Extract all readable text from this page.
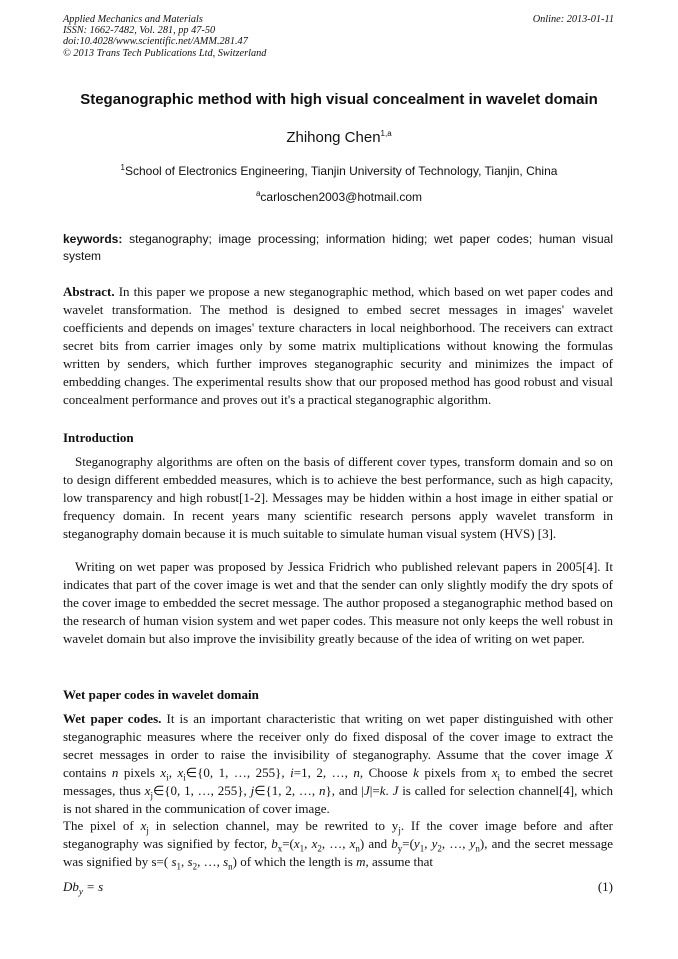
Applied Mechanics and Materials
ISSN: 1662-7482, Vol. 281, pp 47-50
doi:10.4028/www.scientific.net/AMM.281.47
© 2013 Trans Tech Publications Ltd, Switzerland
Online: 2013-01-11
Steganographic method with high visual concealment in wavelet domain
Zhihong Chen$^{1,a}$
$^1$School of Electronics Engineering, Tianjin University of Technology, Tianjin, China
$^a$carloschen2003@hotmail.com
keywords: steganography; image processing; information hiding; wet paper codes; human visual system
Abstract. In this paper we propose a new steganographic method, which based on wet paper codes and wavelet transformation. The method is designed to embed secret messages in images' wavelet coefficients and depends on images' texture characters in local neighborhood. The receivers can extract secret bits from carrier images only by some matrix multiplications without knowing the formulas written by senders, which further improves steganographic security and minimizes the impact of embedding changes. The experimental results show that our proposed method has good robust and visual concealment performance and proves out it's a practical steganographic algorithm.
Introduction
Steganography algorithms are often on the basis of different cover types, transform domain and so on to design different embedded measures, which is to achieve the best performance, such as high capacity, low transparency and high robust[1-2]. Messages may be hidden within a host image in either spatial or frequency domain. In recent years many scientific research persons apply wavelet transform in steganography domain because it is much suitable to simulate human visual system (HVS) [3].
Writing on wet paper was proposed by Jessica Fridrich who published relevant papers in 2005[4]. It indicates that part of the cover image is wet and that the sender can only slightly modify the dry spots of the cover image to embedded the secret message. The author proposed a steganographic method based on the research of human vision system and wet paper codes. This measure not only keeps the well robust in wavelet domain but also improve the invisibility greatly because of the idea of writing on wet paper.
Wet paper codes in wavelet domain
Wet paper codes. It is an important characteristic that writing on wet paper distinguished with other steganographic measures where the receiver only do fixed disposal of the cover image to extract the secret messages in order to raise the invisibility of steganography. Assume that the cover image X contains n pixels $x_i$, $x_i\in\{0$, 1, …, 255}, i=1, 2, …, n, Choose k pixels from $x_i$ to embed the secret messages, thus $x_j\in\{0$, 1, …, 255}, j∈{1, 2, …, n}, and |J|=k. J is called for selection channel[4], which is not shared in the communication of cover image.
The pixel of $x_j$ in selection channel, may be rewrited to $y_j$. If the cover image before and after steganography was signified by fector, $b_x=(x_1$, $x_2$, …, $x_n$) and $b_y=(y_1$, $y_2$, …, $y_n$), and the secret message was signified by s=( $s_1$, $s_2$, …, $s_n$) of which the length is m, assume that
$Db_y = s$	(1)
